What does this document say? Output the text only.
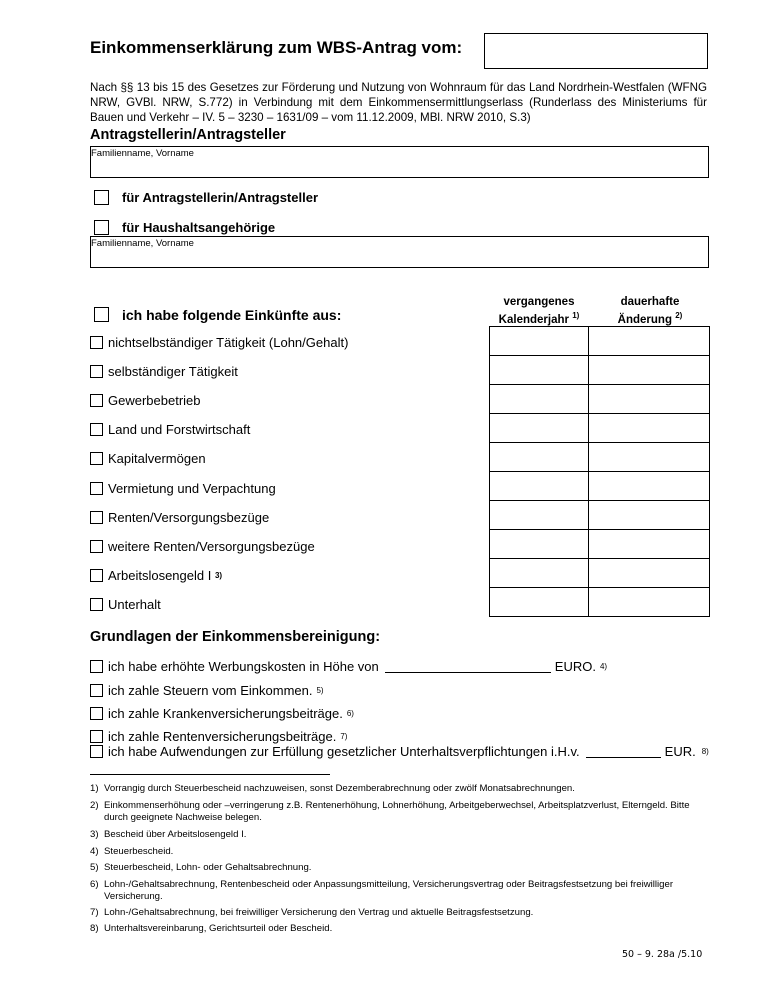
Einkommenserklärung zum WBS-Antrag vom:
Nach §§ 13 bis 15 des Gesetzes zur Förderung und Nutzung von Wohnraum für das Land Nordrhein-Westfalen (WFNG NRW, GVBl. NRW, S.772) in Verbindung mit dem Einkommensermittlungserlass (Runderlass des Ministeriums für Bauen und Verkehr – IV. 5 – 3230 – 1631/09 – vom 11.12.2009, MBl. NRW 2010, S.3)
Antragstellerin/Antragsteller
Familienname, Vorname
für Antragstellerin/Antragsteller
für Haushaltsangehörige
Familienname, Vorname
ich habe folgende Einkünfte aus:
vergangenes
Kalenderjahr $^{1)}$
dauerhafte
Änderung $^{2)}$

nichtselbständiger Tätigkeit (Lohn/Gehalt)
selbständiger Tätigkeit
Gewerbebetrieb
Land und Forstwirtschaft
Kapitalvermögen
Vermietung und Verpachtung
Renten/Versorgungsbezüge
weitere Renten/Versorgungsbezüge
Arbeitslosengeld I
3)
Unterhalt
Grundlagen der Einkommensbereinigung:
ich habe erhöhte Werbungskosten in Höhe von	EURO. 4)
ich zahle Steuern vom Einkommen. 5)
ich zahle Krankenversicherungsbeiträge. 6)
ich zahle Rentenversicherungsbeiträge. 7)
ich habe Aufwendungen zur Erfüllung gesetzlicher Unterhaltsverpflichtungen i.H.v.	EUR. 8)
1) Vorrangig durch Steuerbescheid nachzuweisen, sonst Dezemberabrechnung oder zwölf Monatsabrechnungen.
2) Einkommenserhöhung oder –verringerung z.B. Rentenerhöhung, Lohnerhöhung, Arbeitgeberwechsel, Arbeitsplatzverlust, Elterngeld. Bitte durch geeignete Nachweise belegen.
3) Bescheid über Arbeitslosengeld I.
4) Steuerbescheid.
5) Steuerbescheid, Lohn- oder Gehaltsabrechnung.
6) Lohn-/Gehaltsabrechnung, Rentenbescheid oder Anpassungsmitteilung, Versicherungsvertrag oder Beitragsfestsetzung bei freiwilliger Versicherung.
7) Lohn-/Gehaltsabrechnung, bei freiwilliger Versicherung den Vertrag und aktuelle Beitragsfestsetzung.
8) Unterhaltsvereinbarung, Gerichtsurteil oder Bescheid.
50 – 9. 28a /5.10
